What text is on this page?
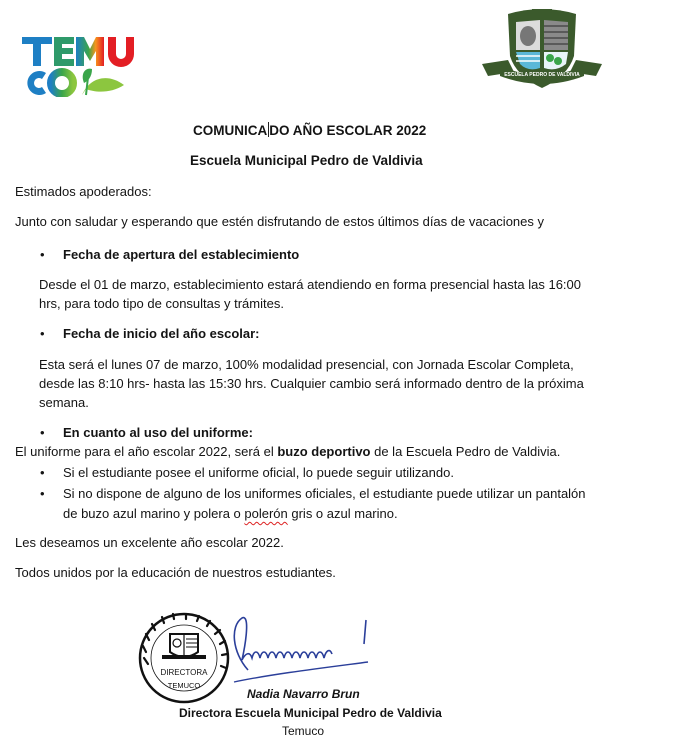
ESCUELA PEDRO DE VALDIVIA
COMUNICA DO AÑO ESCOLAR 2022
Escuela Municipal Pedro de Valdivia
Estimados apoderados:
Junto con saludar y esperando que estén disfrutando de estos últimos días de vacaciones y
•	Fecha de apertura del establecimiento
Desde el 01 de marzo, establecimiento estará atendiendo en forma presencial hasta las 16:00
hrs, para todo tipo de consultas y trámites.
•	Fecha de inicio del año escolar:
Esta será el lunes 07 de marzo, 100% modalidad presencial, con Jornada Escolar Completa,
desde las 8:10 hrs- hasta las 15:30 hrs. Cualquier cambio será informado dentro de la próxima
semana.
•	En cuanto al uso del uniforme:
El uniforme para el año escolar 2022, será el buzo deportivo de la Escuela Pedro de Valdivia.
•	Si el estudiante posee el uniforme oficial, lo puede seguir utilizando.
•	Si no dispone de alguno de los uniformes oficiales, el estudiante puede utilizar un pantalón
de buzo azul marino y polera o polerón gris o azul marino.
Les deseamos un excelente año escolar 2022.
Todos unidos por la educación de nuestros estudiantes.
DIRECTORA
TEMUCO
Nadia Navarro Brun
Directora Escuela Municipal Pedro de Valdivia
Temuco
